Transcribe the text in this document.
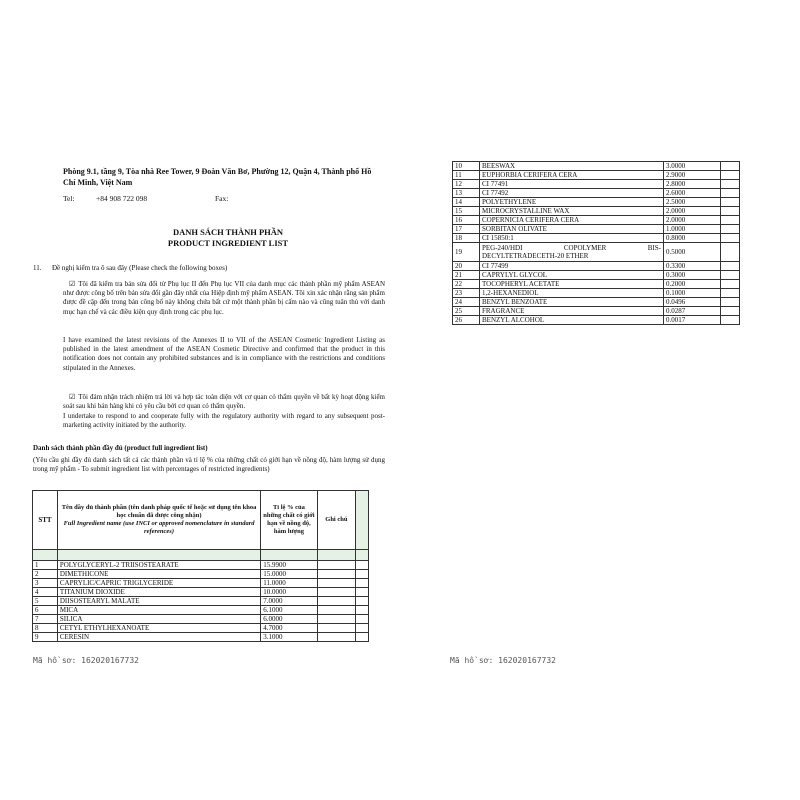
Phòng 9.1, tầng 9, Tòa nhà Ree Tower, 9 Đoàn Văn Bơ, Phường 12, Quận 4, Thành phố Hồ Chí Minh, Việt Nam
Tel:	+84 908 722 098	Fax:
DANH SÁCH THÀNH PHẦN
PRODUCT INGREDIENT LIST
11. Đề nghị kiểm tra ô sau đây (Please check the following boxes)
☑ Tôi đã kiểm tra bản sửa đổi từ Phụ lục II đến Phụ lục VII của danh mục các thành phần mỹ phẩm ASEAN như được công bố trên bản sửa đổi gần đây nhất của Hiệp định mỹ phẩm ASEAN. Tôi xin xác nhận rằng sản phẩm được đề cập đến trong bản công bố này không chứa bất cứ một thành phần bị cấm nào và cũng tuân thủ với danh mục hạn chế và các điều kiện quy định trong các phụ lục.
I have examined the latest revisions of the Annexes II to VII of the ASEAN Cosmetic Ingredient Listing as published in the latest amendment of the ASEAN Cosmetic Directive and confirmed that the product in this notification does not contain any prohibited substances and is in compliance with the restrictions and conditions stipulated in the Annexes.
☑ Tôi đảm nhận trách nhiệm trả lời và hợp tác toàn diện với cơ quan có thẩm quyền về bất kỳ hoạt động kiểm soát sau khi bán hàng khi có yêu cầu bởi cơ quan có thẩm quyền.
I undertake to respond to and cooperate fully with the regulatory authority with regard to any subsequent post-marketing activity initiated by the authority.
Danh sách thành phần đầy đủ (product full ingredient list)
(Yêu cầu ghi đầy đủ danh sách tất cả các thành phần và tỉ lệ % của những chất có giới hạn về nồng độ, hàm lượng sử dụng trong mỹ phẩm - To submit ingredient list with percentages of restricted ingredients)
STT	Tên đầy đủ thành phần (tên danh pháp quốc tế hoặc sử dụng tên khoa học chuẩn đã được công nhận)
Full Ingredient name (use INCI or approved nomenclature in standard references)	Tỉ lệ % của những chất có giới hạn về nồng độ, hàm lượng	Ghi chú	

1	POLYGLYCERYL-2 TRIISOSTEARATE	15.9900		
2	DIMETHICONE	15.0000		
3	CAPRYLIC/CAPRIC TRIGLYCERIDE	11.0000		
4	TITANIUM DIOXIDE	10.0000		
5	DIISOSTEARYL MALATE	7.0000		
6	MICA	6.1000		
7	SILICA	6.0000		
8	CETYL ETHYLHEXANOATE	4.7000		
9	CERESIN	3.1000		
Mã hồ sơ: 162020167732
10	BEESWAX	3.0000	
11	EUPHORBIA CERIFERA CERA	2.9000	
12	CI 77491	2.8000	
13	CI 77492	2.6000	
14	POLYETHYLENE	2.5000	
15	MICROCRYSTALLINE WAX	2.0000	
16	COPERNICIA CERIFERA CERA	2.0000	
17	SORBITAN OLIVATE	1.0000	
18	CI 15850:1	0.8000	
19	PEG-240/HDI COPOLYMER BIS-
DECYLTETRADECETH-20 ETHER	0.5000	
20	CI 77499	0.3300	
21	CAPRYLYL GLYCOL	0.3000	
22	TOCOPHERYL ACETATE	0.2000	
23	1,2-HEXANEDIOL	0.1000	
24	BENZYL BENZOATE	0.0496	
25	FRAGRANCE	0.0287	
26	BENZYL ALCOHOL	0.0017	
Mã hồ sơ: 162020167732
